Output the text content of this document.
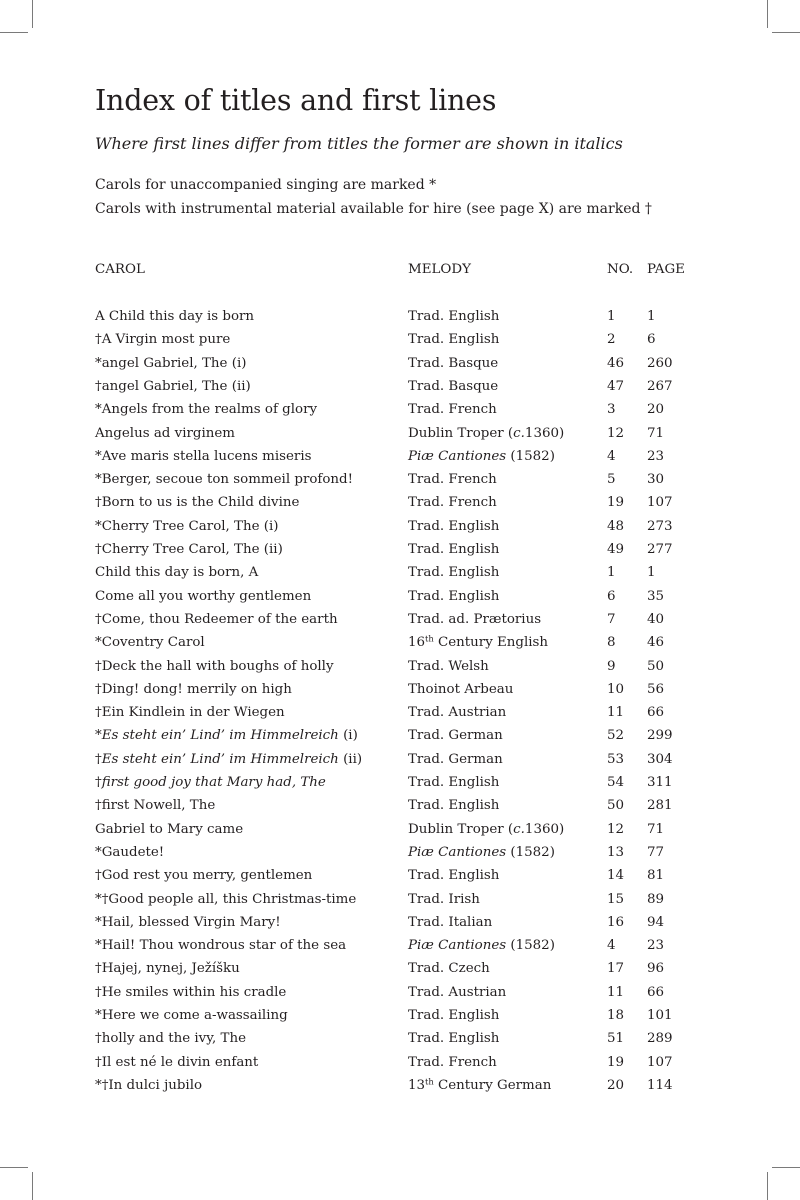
Index of titles and first lines

Where first lines differ from titles the former are shown in italics

Carols for unaccompanied singing are marked *

Carols with instrumental material available for hire (see page X) are marked †

CAROL	MELODY	NO. PAGE
A Child this day is born	Trad. English	1 1
†A Virgin most pure	Trad. English	2 6
*angel Gabriel, The (i)	Trad. Basque	46 260
†angel Gabriel, The (ii)	Trad. Basque	47 267
*Angels from the realms of glory	Trad. French	3 20
Angelus ad virginem	Dublin Troper (c.1360)	12 71
*Ave maris stella lucens miseris	Piæ Cantiones (1582)	4 23
*Berger, secoue ton sommeil profond!	Trad. French	5 30
†Born to us is the Child divine	Trad. French	19 107
*Cherry Tree Carol, The (i)	Trad. English	48 273
†Cherry Tree Carol, The (ii)	Trad. English	49 277
Child this day is born, A	Trad. English	1 1
Come all you worthy gentlemen	Trad. English	6 35
†Come, thou Redeemer of the earth	Trad. ad. Prætorius	7 40
*Coventry Carol	16th Century English	8 46
†Deck the hall with boughs of holly	Trad. Welsh	9 50
†Ding! dong! merrily on high	Thoinot Arbeau	10 56
†Ein Kindlein in der Wiegen	Trad. Austrian	11 66
*Es steht ein’ Lind’ im Himmelreich (i)	Trad. German	52 299
†Es steht ein’ Lind’ im Himmelreich (ii)	Trad. German	53 304
†first good joy that Mary had, The	Trad. English	54 311
†first Nowell, The	Trad. English	50 281
Gabriel to Mary came	Dublin Troper (c.1360)	12 71
*Gaudete!	Piæ Cantiones (1582)	13 77
†God rest you merry, gentlemen	Trad. English	14 81
*†Good people all, this Christmas-time	Trad. Irish	15 89
*Hail, blessed Virgin Mary!	Trad. Italian	16 94
*Hail! Thou wondrous star of the sea	Piæ Cantiones (1582)	4 23
†Hajej, nynej, Ježíšku	Trad. Czech	17 96
†He smiles within his cradle	Trad. Austrian	11 66
*Here we come a-wassailing	Trad. English	18 101
†holly and the ivy, The	Trad. English	51 289
†Il est né le divin enfant	Trad. French	19 107
*†In dulci jubilo	13th Century German	20 114
